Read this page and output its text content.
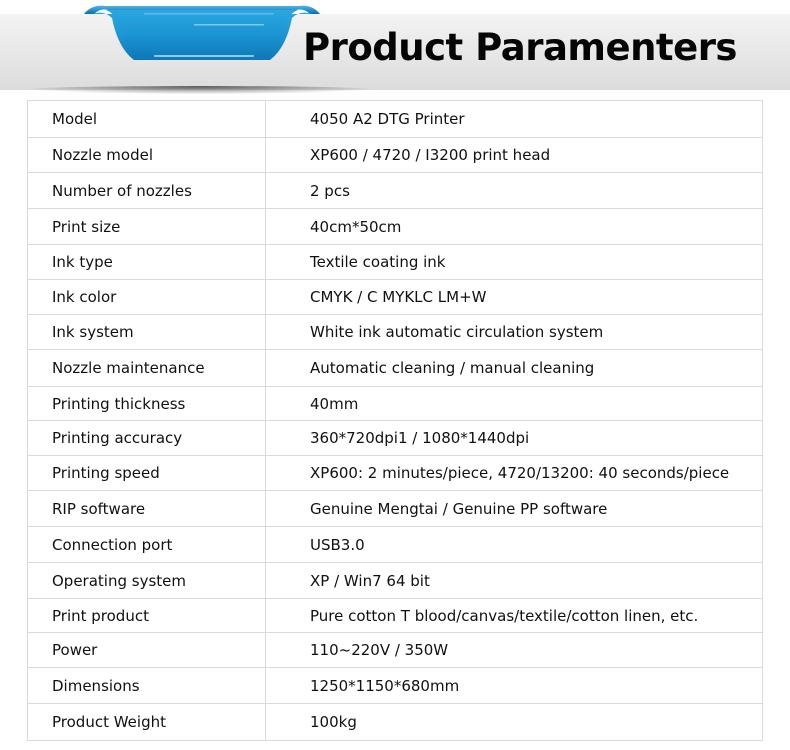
Product Paramenters
Model	4050 A2 DTG Printer
Nozzle model	XP600 / 4720 / I3200 print head
Number of nozzles	2 pcs
Print size	40cm*50cm
Ink type	Textile coating ink
Ink color	CMYK / C MYKLC LM+W
Ink system	White ink automatic circulation system
Nozzle maintenance	Automatic cleaning / manual cleaning
Printing thickness	40mm
Printing accuracy	360*720dpi1 / 1080*1440dpi
Printing speed	XP600: 2 minutes/piece, 4720/13200: 40 seconds/piece
RIP software	Genuine Mengtai / Genuine PP software
Connection port	USB3.0
Operating system	XP / Win7 64 bit
Print product	Pure cotton T blood/canvas/textile/cotton linen, etc.
Power	110~220V / 350W
Dimensions	1250*1150*680mm
Product Weight	100kg
